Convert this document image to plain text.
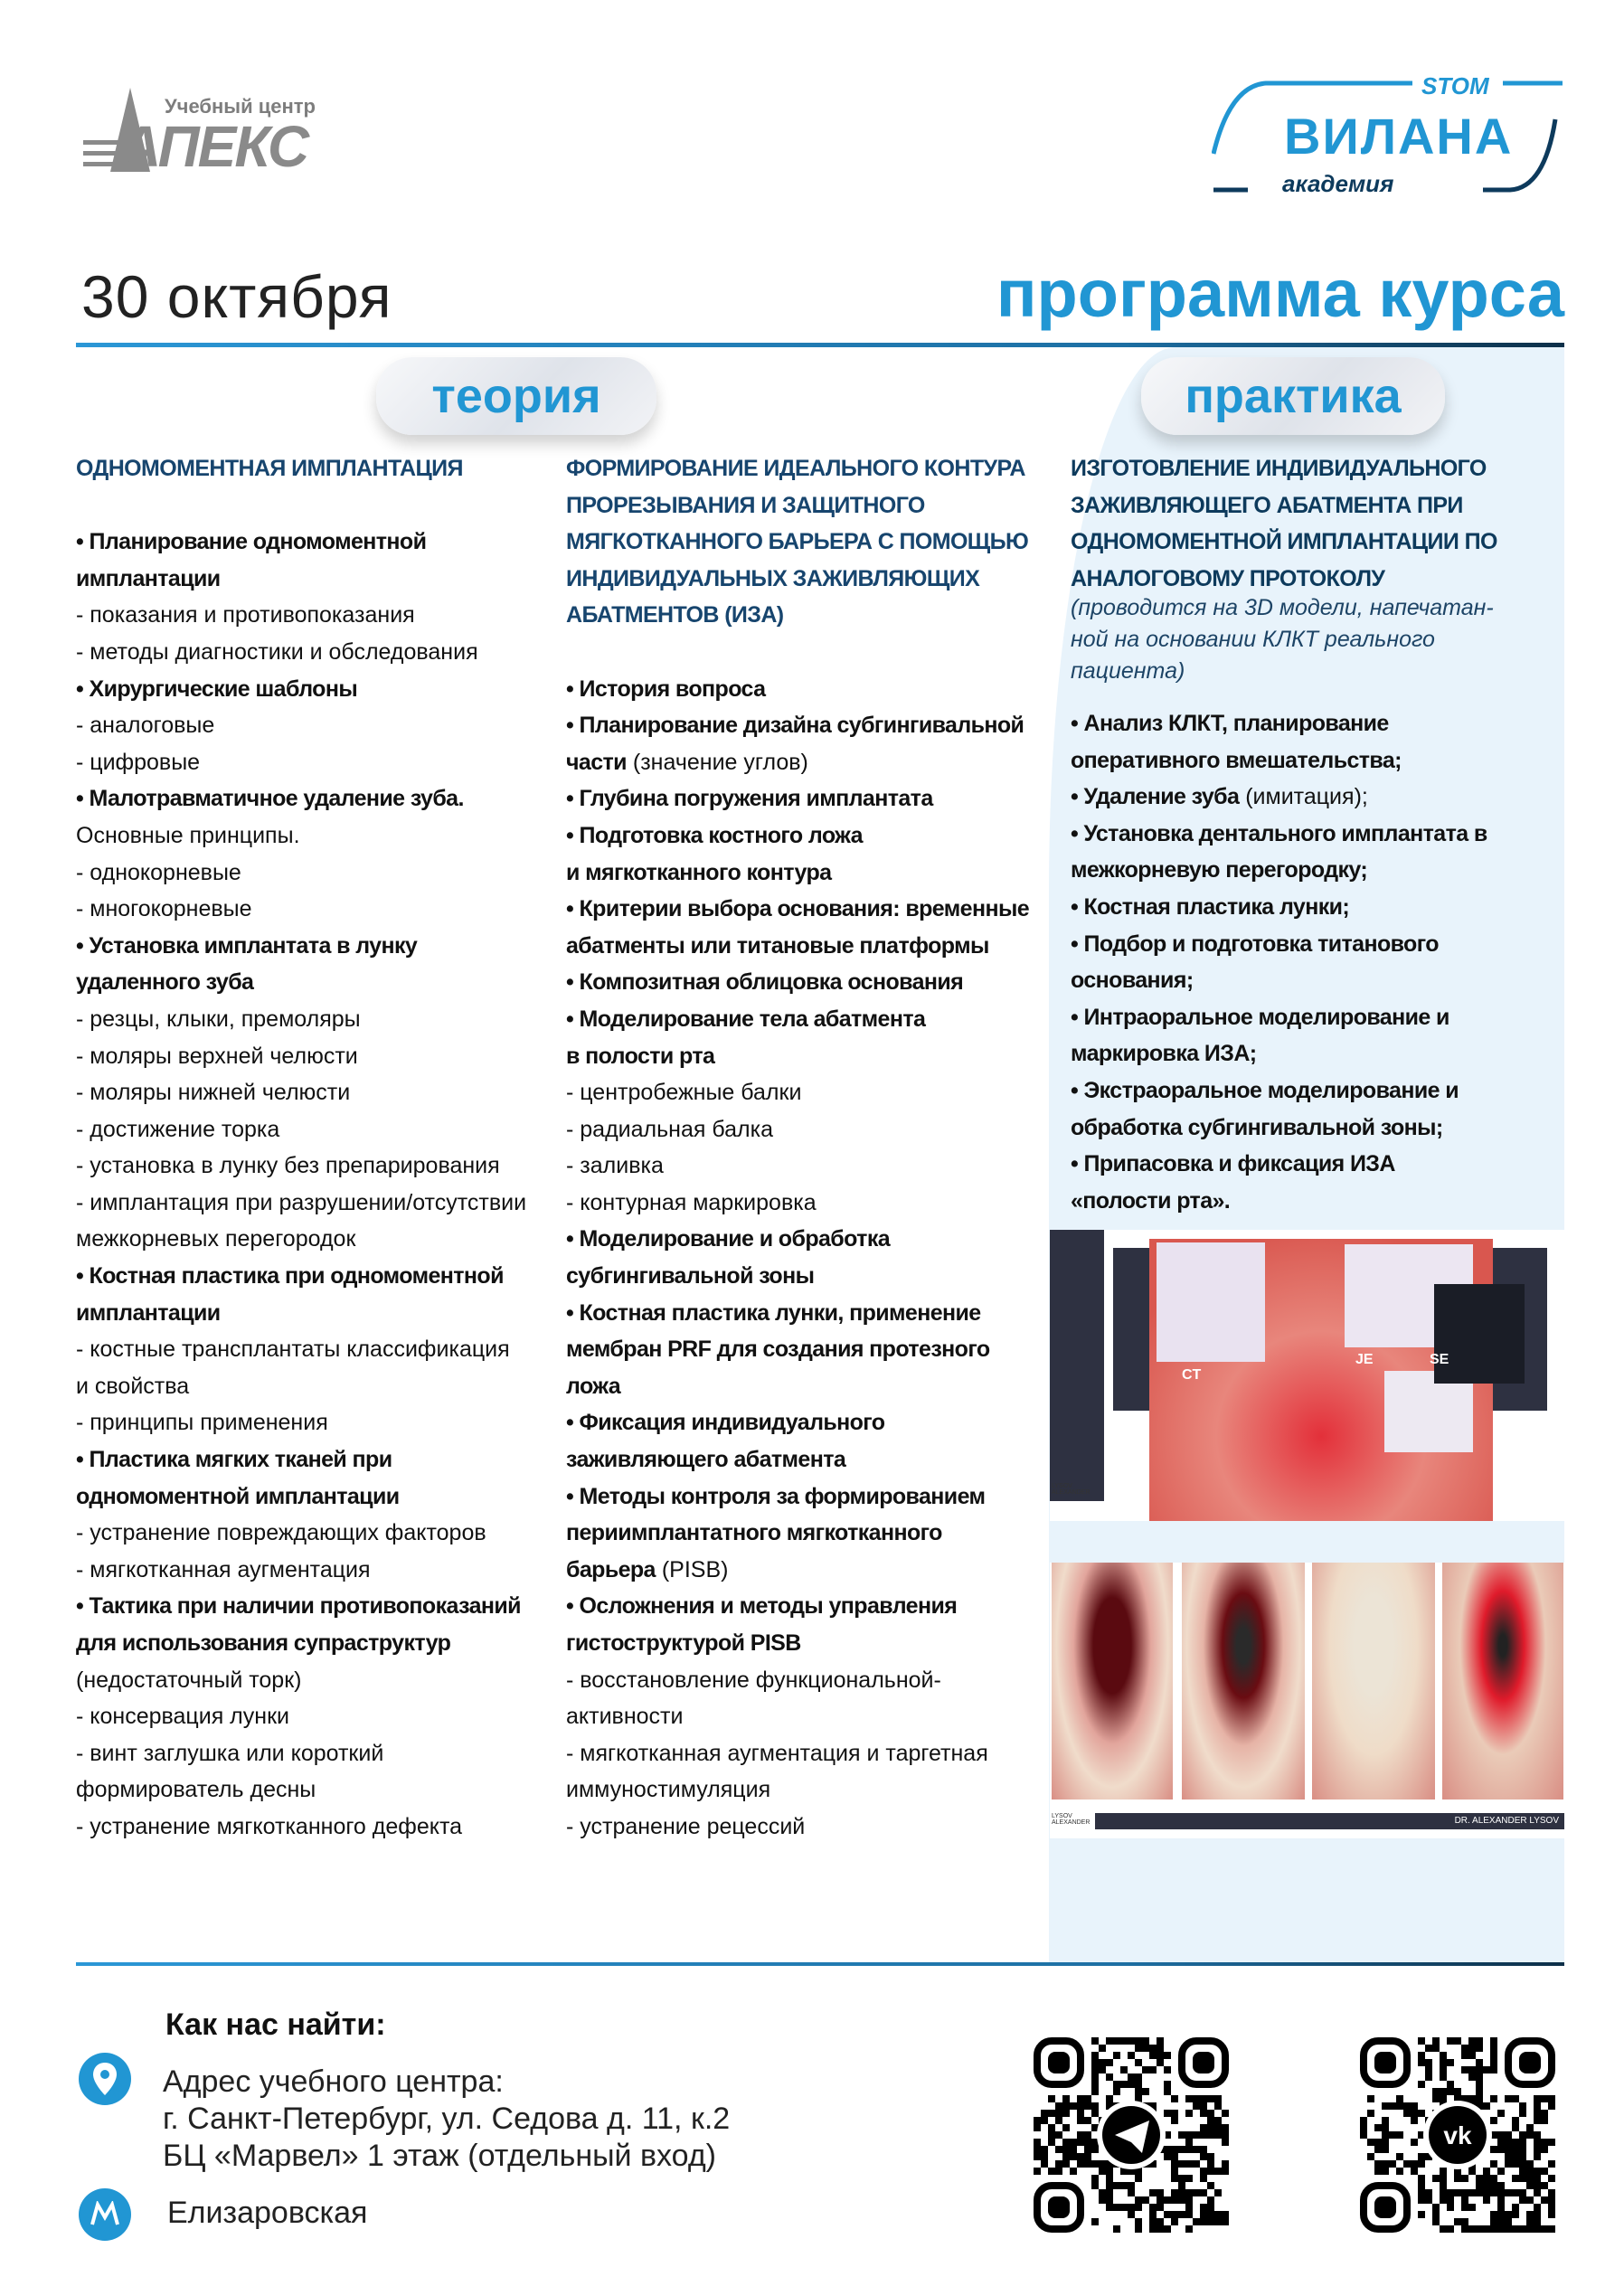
Учебный центр
АПЕКС
STOM
ВИЛАНА
академия
30 октября	программа курса
теория	практика
ОДНОМОМЕНТНАЯ ИМПЛАНТАЦИЯ
• Планирование одномоментной
имплантации
- показания и противопоказания
- методы диагностики и обследования
• Хирургические шаблоны
- аналоговые
- цифровые
• Малотравматичное удаление зуба.
Основные принципы.
- однокорневые
- многокорневые
• Установка имплантата в лунку
удаленного зуба
- резцы, клыки, премоляры
- моляры верхней челюсти
- моляры нижней челюсти
- достижение торка
- установка в лунку без препарирования
- имплантация при разрушении/отсутствии
межкорневых перегородок
• Костная пластика при одномоментной
имплантации
- костные трансплантаты классификация
и свойства
- принципы применения
• Пластика мягких тканей при
одномоментной имплантации
- устранение повреждающих факторов
- мягкотканная аугментация
• Тактика при наличии противопоказаний
для использования супраструктур
(недостаточный торк)
- консервация лунки
- винт заглушка или короткий
формирователь десны
- устранение мягкотканного дефекта
ФОРМИРОВАНИЕ ИДЕАЛЬНОГО КОНТУРА
ПРОРЕЗЫВАНИЯ И ЗАЩИТНОГО
МЯГКОТКАННОГО БАРЬЕРА С ПОМОЩЬЮ
ИНДИВИДУАЛЬНЫХ ЗАЖИВЛЯЮЩИХ
АБАТМЕНТОВ (ИЗА)
• История вопроса
• Планирование дизайна субгингивальной
части (значение углов)
• Глубина погружения имплантата
• Подготовка костного ложа
и мягкотканного контура
• Критерии выбора основания: временные
абатменты или титановые платформы
• Композитная облицовка основания
• Моделирование тела абатмента
в полости рта
- центробежные балки
- радиальная балка
- заливка
- контурная маркировка
• Моделирование и обработка
субгингивальной зоны
• Костная пластика лунки, применение
мембран PRF для создания протезного
ложа
• Фиксация индивидуального
заживляющего абатмента
• Методы контроля за формированием
периимплантатного мягкотканного
барьера (PISB)
• Осложнения и методы управления
гистоструктурой PISB
- восстановление функциональной-
активности
- мягкотканная аугментация и таргетная
иммуностимуляция
- устранение рецессий
ИЗГОТОВЛЕНИЕ ИНДИВИДУАЛЬНОГО
ЗАЖИВЛЯЮЩЕГО АБАТМЕНТА ПРИ
ОДНОМОМЕНТНОЙ ИМПЛАНТАЦИИ ПО
АНАЛОГОВОМУ ПРОТОКОЛУ
(проводится на 3D модели, напечатан-
ной на основании КЛКТ реального
пациента)
• Анализ КЛКТ, планирование
оперативного вмешательства;
• Удаление зуба (имитация);
• Установка дентального имплантата в
межкорневую перегородку;
• Костная пластика лунки;
• Подбор и подготовка титанового
основания;
• Интраоральное моделирование и
маркировка ИЗА;
• Экстраоральное моделирование и
обработка субгингивальной зоны;
• Припасовка и фиксация ИЗА
«полости рта».
CT
JE	SE
LYSOV ALEXANDER
LYSOV ALEXANDER	DR. ALEXANDER LYSOV
Как нас найти:
Адрес учебного центра:
г. Санкт-Петербург, ул. Седова д. 11, к.2
БЦ «Марвел» 1 этаж (отдельный вход)
Елизаровская
vk
